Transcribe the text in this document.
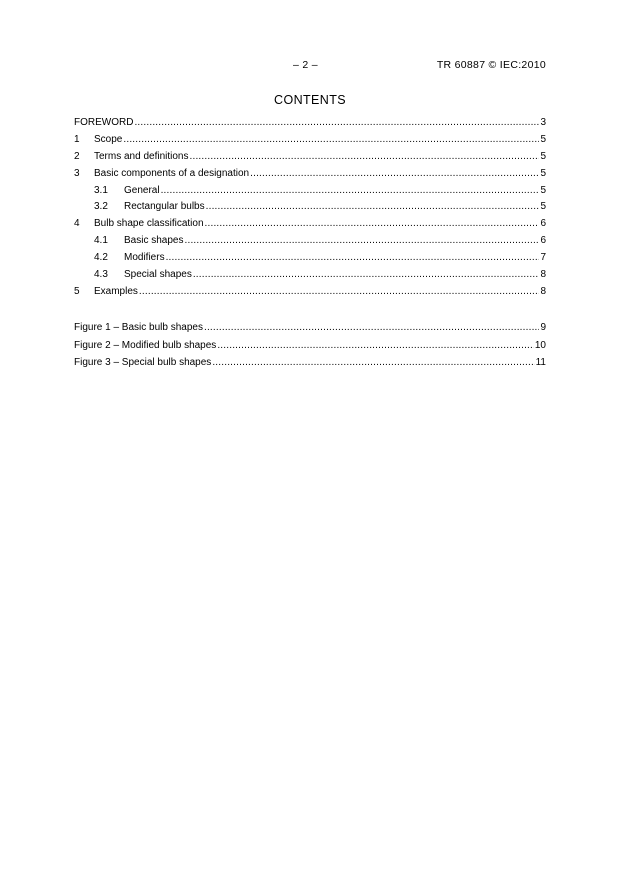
– 2 –	TR 60887 © IEC:2010
CONTENTS
FOREWORD .....	3
1	Scope .....	5
2	Terms and definitions .....	5
3	Basic components of a designation .....	5
3.1	General .....	5
3.2	Rectangular bulbs .....	5
4	Bulb shape classification .....	6
4.1	Basic shapes .....	6
4.2	Modifiers .....	7
4.3	Special shapes .....	8
5	Examples .....	8
Figure 1 – Basic bulb shapes .....	9
Figure 2 – Modified bulb shapes .....	10
Figure 3 – Special bulb shapes .....	11
